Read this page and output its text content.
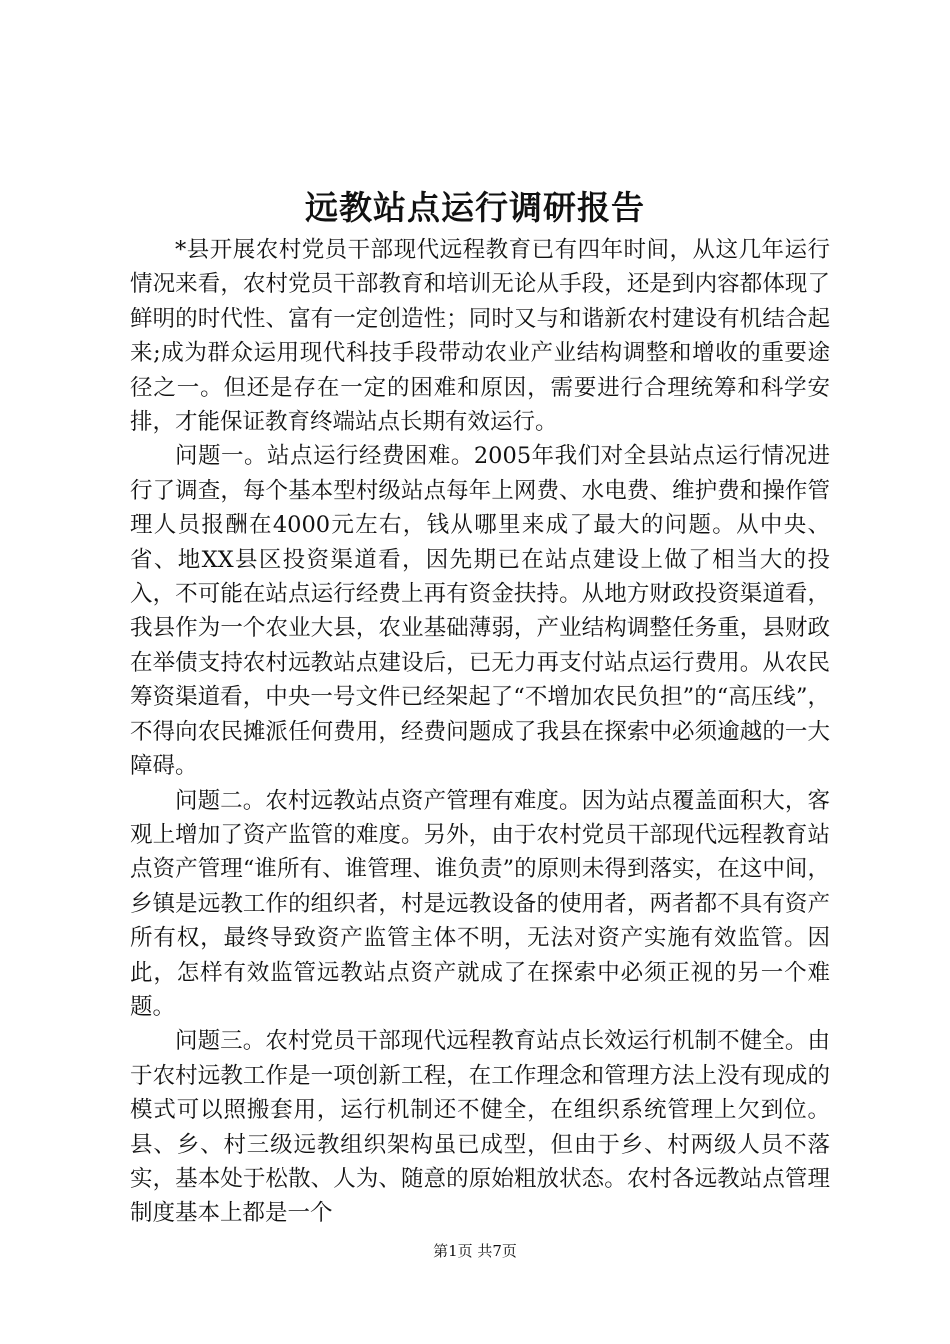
远教站点运行调研报告

*县开展农村党员干部现代远程教育已有四年时间，从这几年运行情况来看，农村党员干部教育和培训无论从手段，还是到内容都体现了鲜明的时代性、富有一定创造性；同时又与和谐新农村建设有机结合起来;成为群众运用现代科技手段带动农业产业结构调整和增收的重要途径之一。但还是存在一定的困难和原因，需要进行合理统筹和科学安排，才能保证教育终端站点长期有效运行。

问题一。站点运行经费困难。2005年我们对全县站点运行情况进行了调查，每个基本型村级站点每年上网费、水电费、维护费和操作管理人员报酬在4000元左右，钱从哪里来成了最大的问题。从中央、省、地XX县区投资渠道看，因先期已在站点建设上做了相当大的投入，不可能在站点运行经费上再有资金扶持。从地方财政投资渠道看，我县作为一个农业大县，农业基础薄弱，产业结构调整任务重，县财政在举债支持农村远教站点建设后，已无力再支付站点运行费用。从农民筹资渠道看，中央一号文件已经架起了“不增加农民负担”的“高压线”，不得向农民摊派任何费用，经费问题成了我县在探索中必须逾越的一大障碍。

问题二。农村远教站点资产管理有难度。因为站点覆盖面积大，客观上增加了资产监管的难度。另外，由于农村党员干部现代远程教育站点资产管理“谁所有、谁管理、谁负责”的原则未得到落实，在这中间，乡镇是远教工作的组织者，村是远教设备的使用者，两者都不具有资产所有权，最终导致资产监管主体不明，无法对资产实施有效监管。因此，怎样有效监管远教站点资产就成了在探索中必须正视的另一个难题。

问题三。农村党员干部现代远程教育站点长效运行机制不健全。由于农村远教工作是一项创新工程，在工作理念和管理方法上没有现成的模式可以照搬套用，运行机制还不健全，在组织系统管理上欠到位。县、乡、村三级远教组织架构虽已成型，但由于乡、村两级人员不落实，基本处于松散、人为、随意的原始粗放状态。农村各远教站点管理制度基本上都是一个

第1页 共7页
